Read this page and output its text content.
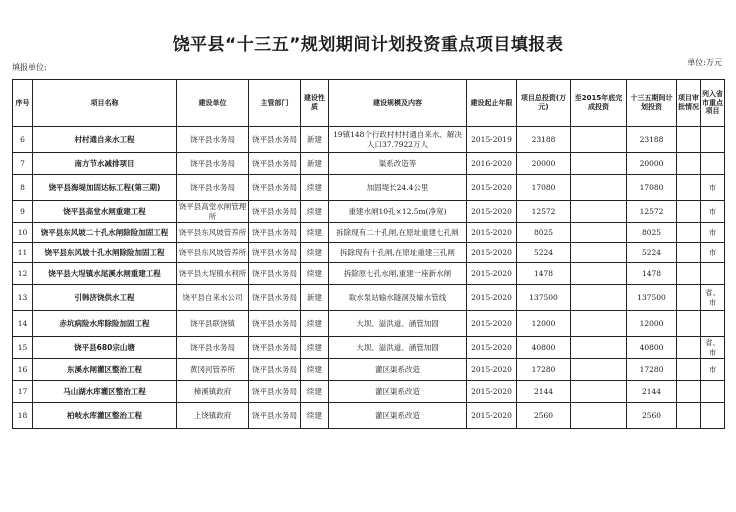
饶平县“十三五”规划期间计划投资重点项目填报表
填报单位:
单位:万元
序号	项目名称	建设单位	主管部门	建设性质	建设规模及内容	建设起止年限	项目总投资(万元)	至2015年底完成投资	十三五期间计划投资	项目审批情况	列入省市重点项目
6	村村通自来水工程	饶平县水务局	饶平县水务局	新建	19镇148个行政村村村通自来水、解决人口37.7922万人	2015-2019	23188		23188		
7	南方节水减排项目	饶平县水务局	饶平县水务局	新建	渠系改造等	2016-2020	20000		20000		
8	饶平县海堤加固达标工程(第三期)	饶平县水务局	饶平县水务局	续建	加固堤长24.4公里	2015-2020	17080		17080		市
9	饶平县高堂水闸重建工程	饶平县高堂水闸管理所	饶平县水务局	续建	重建水闸10孔×12.5m(净宽)	2015-2020	12572		12572		市
10	饶平县东风坡二十孔水闸除险加固工程	饶平县东风坡管养所	饶平县水务局	续建	拆除现有二十孔闸,在原址重建七孔闸	2015-2020	8025		8025		市
11	饶平县东风坡十孔水闸除险加固工程	饶平县东风坡管养所	饶平县水务局	续建	拆除现有十孔闸,在原址重建三孔闸	2015-2020	5224		5224		市
12	饶平县大埕镇水尾溪水闸重建工程	饶平县大埕镇水利所	饶平县水务局	续建	拆除原七孔水闸,重建一座新水闸	2015-2020	1478		1478		
13	引韩济饶供水工程	饶平县自来水公司	饶平县水务局	新建	取水泵站输水隧洞及输水管线	2015-2020	137500		137500		省、市
14	赤坑病险水库除险加固工程	饶平县联饶镇	饶平县水务局	续建	大坝、溢洪道、涵管加固	2015-2020	12000		12000		
15	饶平县680宗山塘	饶平县水务局	饶平县水务局	续建	大坝、溢洪道、涵管加固	2015-2020	40800		40800		省、市
16	东溪水闸灌区整治工程	黄冈河管养所	饶平县水务局	续建	灌区渠系改造	2015-2020	17280		17280		市
17	马山湖水库灌区整治工程	樟溪镇政府	饶平县水务局	续建	灌区渠系改造	2015-2020	2144		2144		
18	柏岐水库灌区整治工程	上饶镇政府	饶平县水务局	续建	灌区渠系改造	2015-2020	2560		2560		
